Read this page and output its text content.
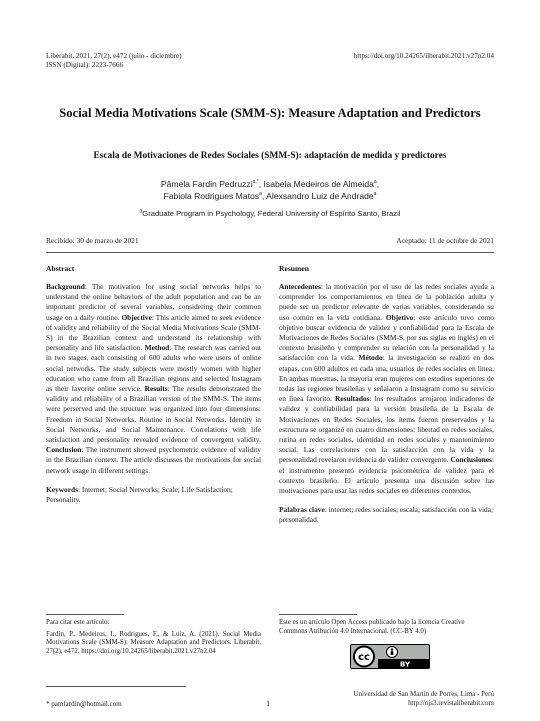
Liberabit, 2021, 27(2), e472 (julio - diciembre)
ISSN (Digital): 2223-7666
https://doi.org/10.24265/liberabit.2021.v27n2.04
Social Media Motivations Scale (SMM-S): Measure Adaptation and Predictors
Escala de Motivaciones de Redes Sociales (SMM-S): adaptación de medida y predictores
Pâmela Fardin Pedruzzi$^{a,*}$, Isabela Medeiros de Almeida$^a$,
Fabiola Rodrigues Matos$^a$, Alexsandro Luiz de Andrade$^a$
$^a$Graduate Program in Psychology, Federal University of Espírito Santo, Brazil
Recibido: 30 de marzo de 2021	Aceptado: 11 de octubre de 2021
Abstract
Background: The motivation for using social networks helps to understand the online behaviors of the adult population and can be an important predictor of several variables, considering their common usage on a daily routine. Objective: This article aimed to seek evidence of validity and reliability of the Social Media Motivations Scale (SMM-S) in the Brazilian context and understand its relationship with personality and life satisfaction. Method: The research was carried out in two stages, each consisting of 600 adults who were users of online social networks. The study subjects were mostly women with higher education who came from all Brazilian regions and selected Instagram as their favorite online service. Results: The results demonstrated the validity and reliability of a Brazilian version of the SMM-S. The items were perserved and the structure was organized into four dimensions: Freedom in Social Networks, Routine in Social Networks, Identity in Social Networks, and Social Maintenance. Correlations with life satisfaction and personality revealed evidence of convergent validity. Conclusion: The instrument showed psychometric evidence of validity in the Brazilian context. The article discusses the motivations for social network usage in different settings.
Keywords: Internet; Social Networks; Scale; Life Satisfaction; Personality.
Resumen
Antecedentes: la motivación por el uso de las redes sociales ayuda a comprender los comportamientos en línea de la población adulta y puede ser un predictor relevante de varias variables, considerando su uso común en la vida cotidiana. Objetivo: este artículo tuvo como objetivo buscar evidencia de validez y confiabilidad para la Escala de Motivaciones de Redes Sociales (SMM-S, por sus siglas en inglés) en el contexto brasileño y comprender su relación con la personalidad y la satisfacción con la vida. Método: la investigación se realizó en dos etapas, con 600 adultos en cada una, usuarios de redes sociales en línea. En ambas muestras, la mayoría eran mujeres con estudios superiores de todas las regiones brasileñas y señalaron a Instagram como su servicio en línea favorito. Resultados: los resultados arrojaron indicadores de validez y confiabilidad para la versión brasileña de la Escala de Motivaciones en Redes Sociales, los ítems fueron preservados y la estructura se organizó en cuatro dimensiones: libertad en redes sociales, rutina en redes sociales, identidad en redes sociales y mantenimiento social. Las correlaciones con la satisfacción con la vida y la personalidad revelaron evidencia de validez convergente. Conclusiones: el instrumento presentó evidencia psicométrica de validez para el contexto brasileño. El artículo presenta una discusión sobre las motivaciones para usar las redes sociales en diferentes contextos.
Palabras clave: internet; redes sociales; escala; satisfacción con la vida; personalidad.
Para citar este artículo:
Fardin, P., Medeiros, I., Rodrigues, F., & Luiz, A. (2021). Social Media Motivations Scale (SMM-S): Measure Adaptation and Predictors. Liberabit, 27(2), e472. https://doi.org/10.24265/liberabit.2021.v27n2.04
Este es un artículo Open Access publicado bajo la licencia Creative Commons Atribución 4.0 Internacional. (CC-BY 4.0)
cc
BY
* pamfardin@hotmail.com	1
Universidad de San Martín de Porres, Lima - Perú
http://ojs3.revistaliberabit.com
